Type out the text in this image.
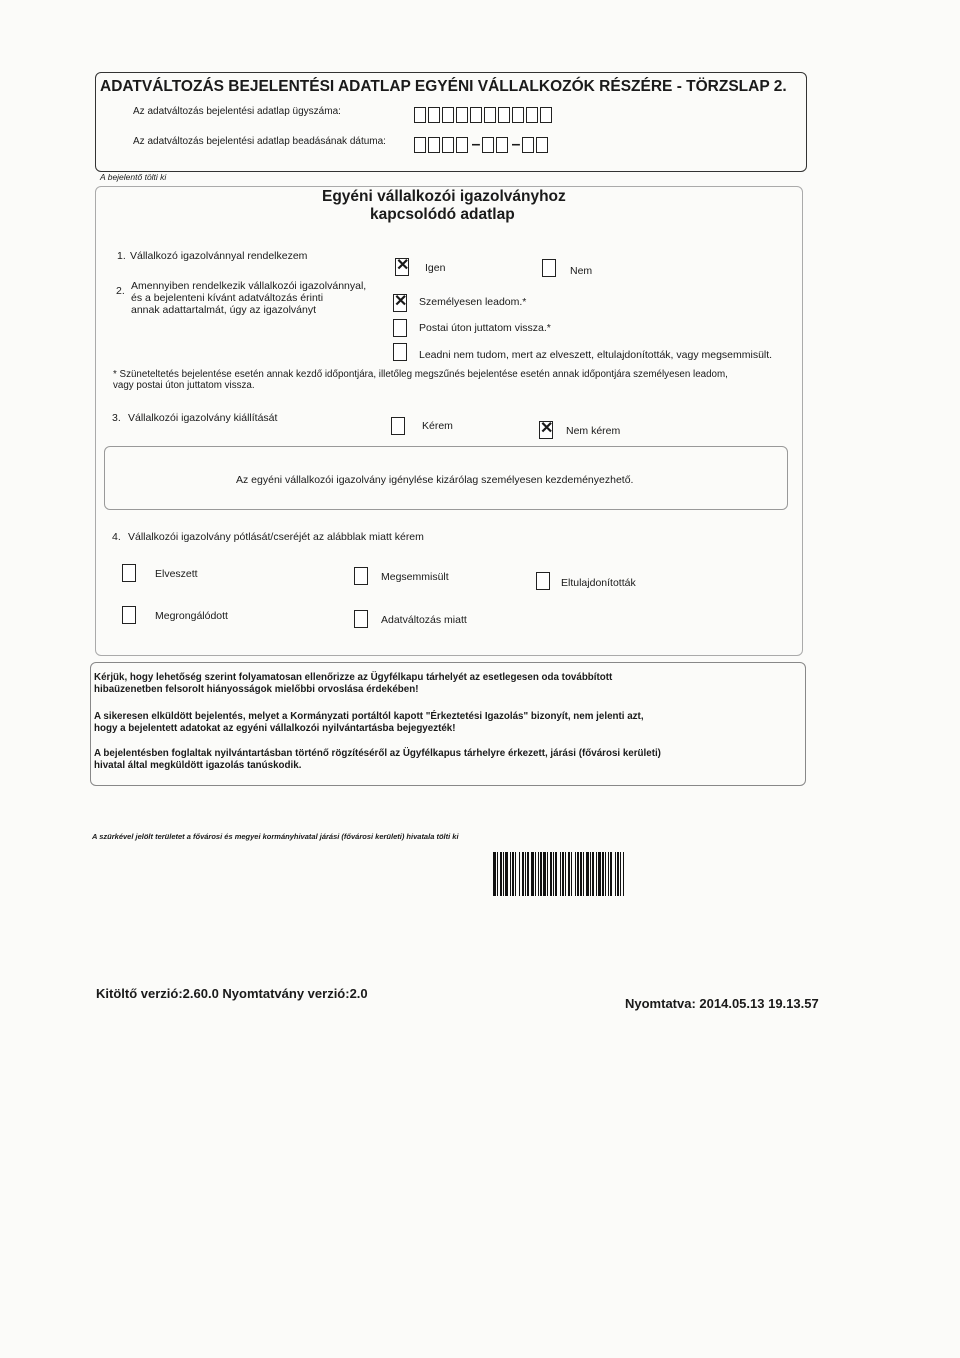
ADATVÁLTOZÁS BEJELENTÉSI ADATLAP EGYÉNI VÁLLALKOZÓK RÉSZÉRE - TÖRZSLAP 2.
Az adatváltozás bejelentési adatlap ügyszáma:
Az adatváltozás bejelentési adatlap beadásának dátuma:	– –
A bejelentő tölti ki
Egyéni vállalkozói igazolványhoz
kapcsolódó adatlap
1. Vállalkozó igazolvánnyal rendelkezem
✕ Igen	Nem
2. Amennyiben rendelkezik vállalkozói igazolvánnyal,
és a bejelenteni kívánt adatváltozás érinti
annak adattartalmát, úgy az igazolványt	✕ Személyesen leadom.*
Postai úton juttatom vissza.*
Leadni nem tudom, mert az elveszett, eltulajdonították, vagy megsemmisült.
* Szüneteltetés bejelentése esetén annak kezdő időpontjára, illetőleg megszűnés bejelentése esetén annak időpontjára személyesen leadom,
vagy postai úton juttatom vissza.
3. Vállalkozói igazolvány kiállítását
Kérem	✕ Nem kérem
Az egyéni vállalkozói igazolvány igénylése kizárólag személyesen kezdeményezhető.
4. Vállalkozói igazolvány pótlását/cseréjét az alábblak miatt kérem
Elveszett	Megsemmisült	Eltulajdonították
Megrongálódott	Adatváltozás miatt
Kérjük, hogy lehetőség szerint folyamatosan ellenőrizze az Ügyfélkapu tárhelyét az esetlegesen oda továbbított
hibaüzenetben felsorolt hiányosságok mielőbbi orvoslása érdekében!
A sikeresen elküldött bejelentés, melyet a Kormányzati portáltól kapott "Érkeztetési Igazolás" bizonyít, nem jelenti azt,
hogy a bejelentett adatokat az egyéni vállalkozói nyilvántartásba bejegyezték!
A bejelentésben foglaltak nyilvántartásban történő rögzítéséről az Ügyfélkapus tárhelyre érkezett, járási (fővárosi kerületi)
hivatal által megküldött igazolás tanúskodik.
A szürkével jelölt területet a fővárosi és megyei kormányhivatal járási (fővárosi kerületi) hivatala tölti ki
Kitöltő verzió:2.60.0 Nyomtatvány verzió:2.0
Nyomtatva: 2014.05.13 19.13.57
